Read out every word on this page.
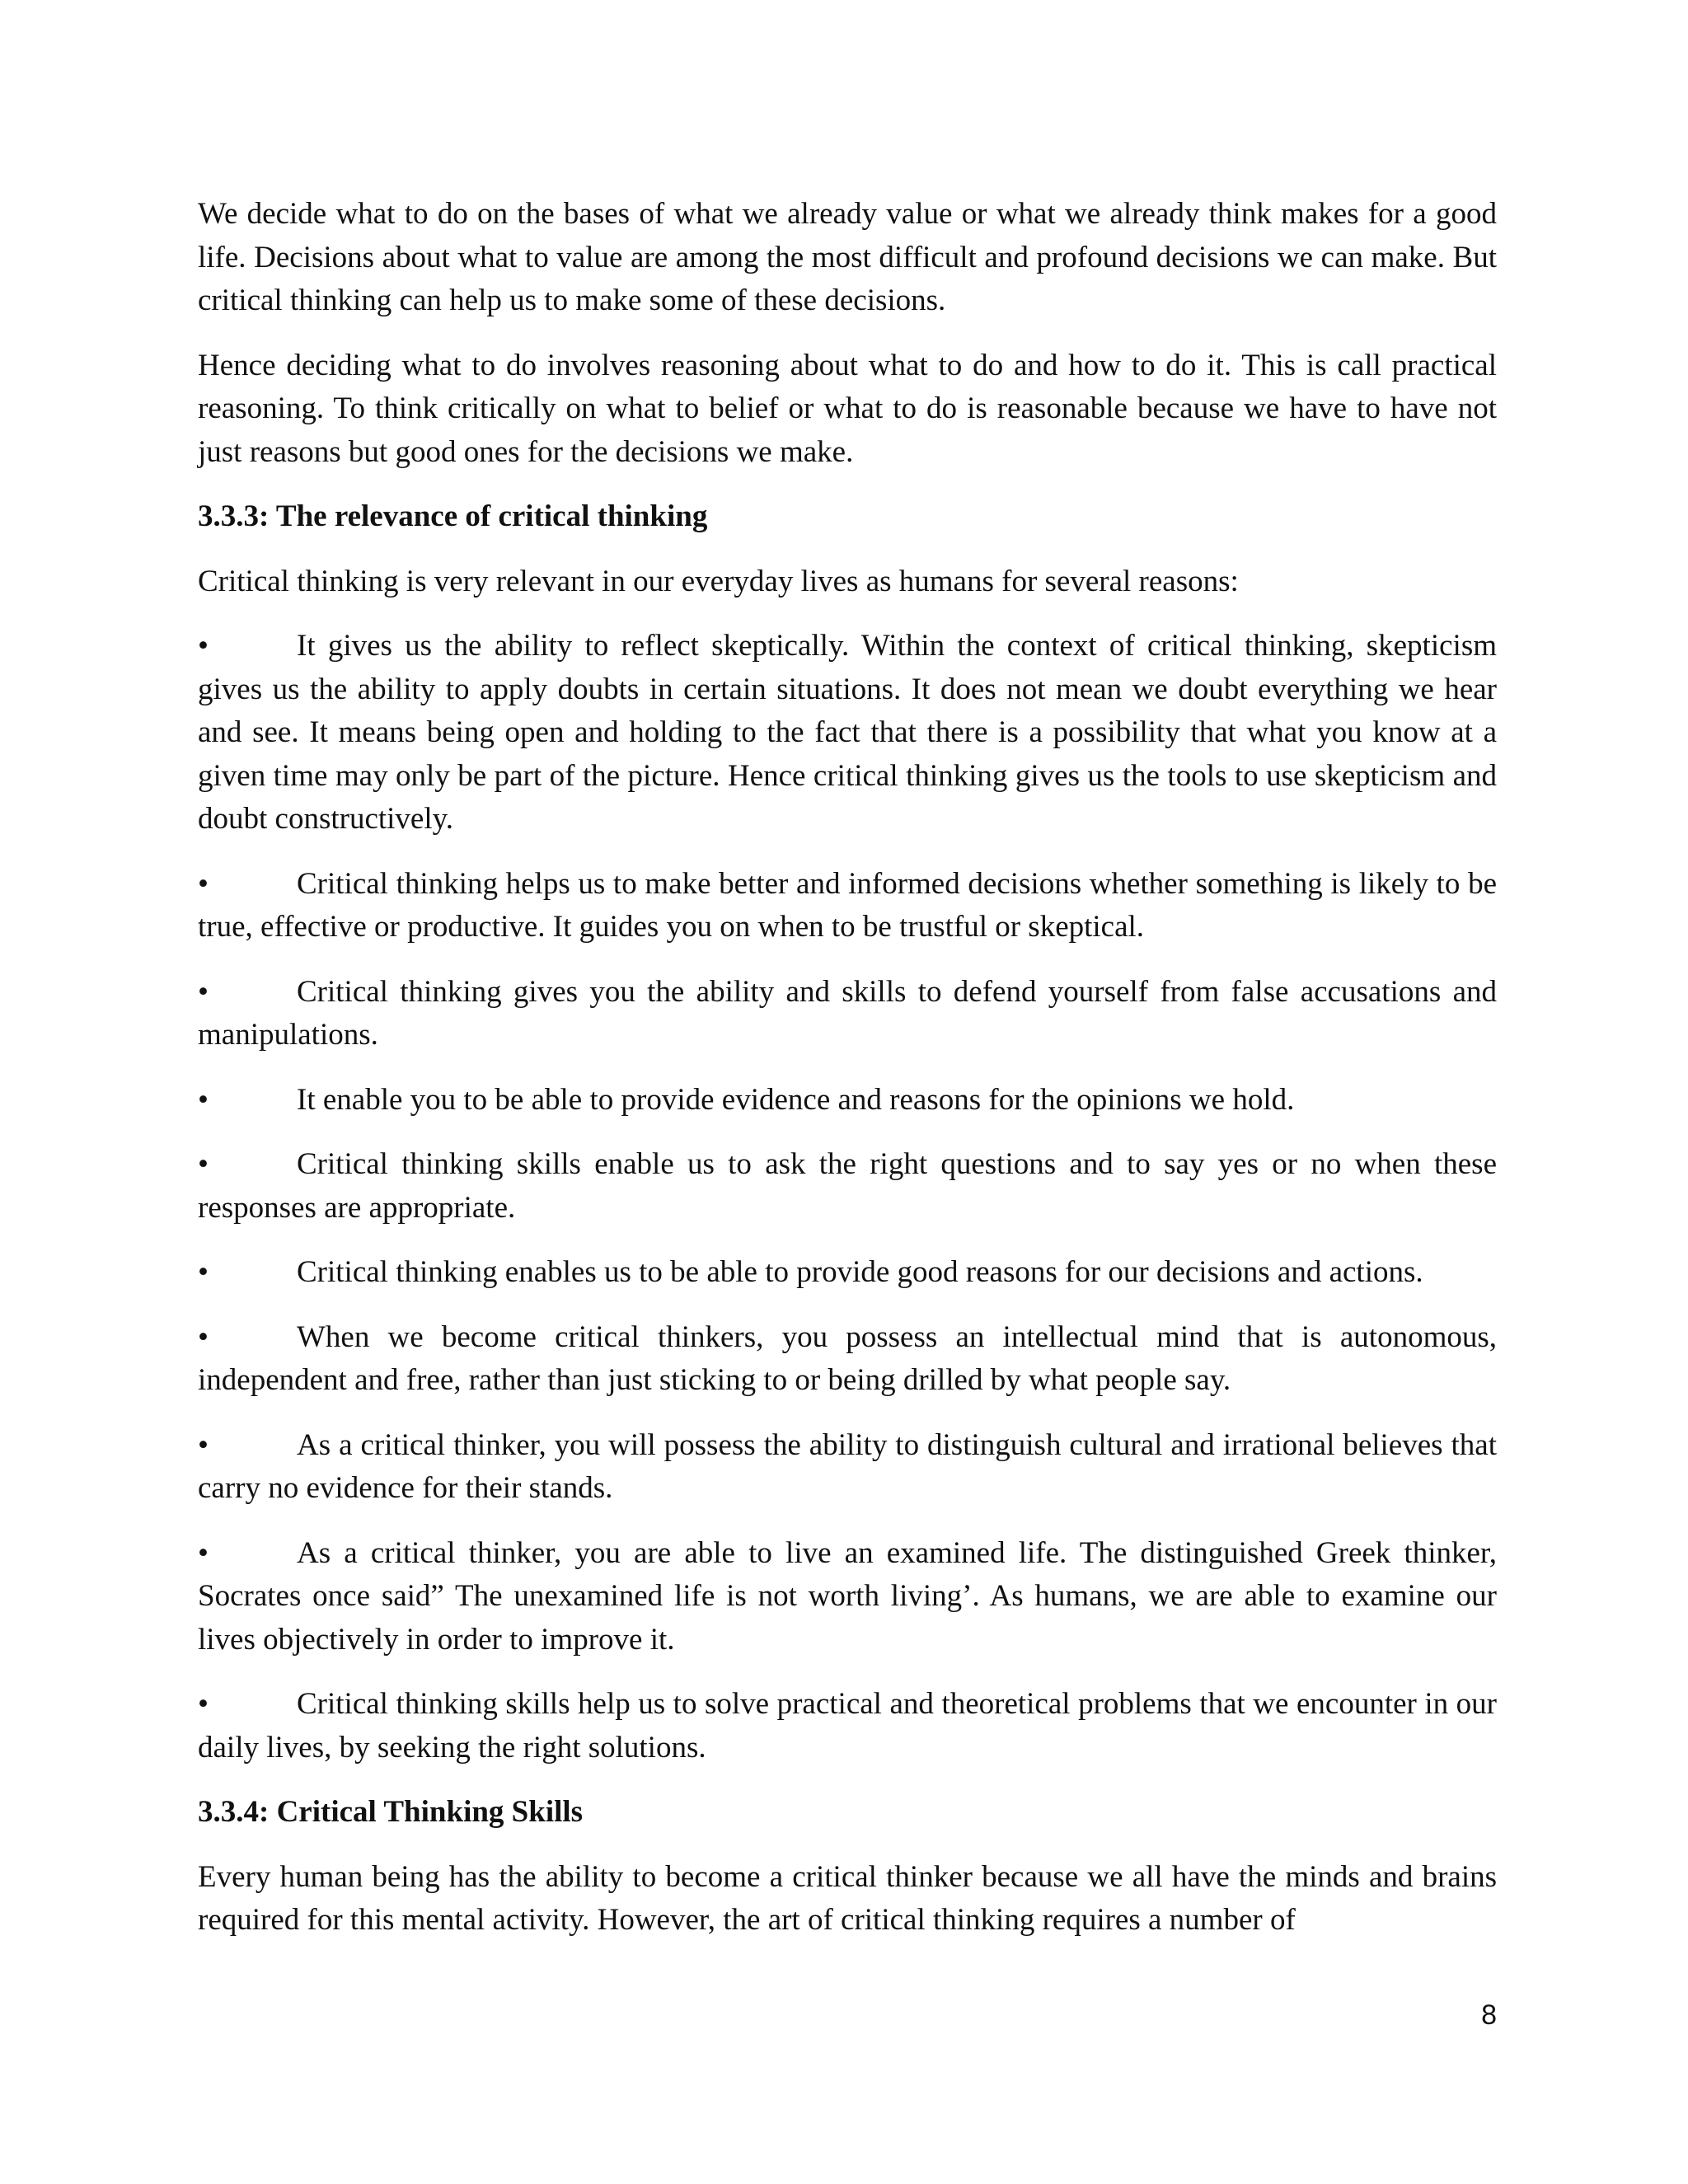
We decide what to do on the bases of what we already value or what we already think makes for a good life. Decisions about what to value are among the most difficult and profound decisions we can make. But critical thinking can help us to make some of these decisions.

Hence deciding what to do involves reasoning about what to do and how to do it. This is call practical reasoning. To think critically on what to belief or what to do is reasonable because we have to have not just reasons but good ones for the decisions we make.

3.3.3: The relevance of critical thinking

Critical thinking is very relevant in our everyday lives as humans for several reasons:

•	It gives us the ability to reflect skeptically. Within the context of critical thinking, skepticism gives us the ability to apply doubts in certain situations. It does not mean we doubt everything we hear and see. It means being open and holding to the fact that there is a possibility that what you know at a given time may only be part of the picture. Hence critical thinking gives us the tools to use skepticism and doubt constructively.

•	Critical thinking helps us to make better and informed decisions whether something is likely to be true, effective or productive. It guides you on when to be trustful or skeptical.

•	Critical thinking gives you the ability and skills to defend yourself from false accusations and manipulations.

•	It enable you to be able to provide evidence and reasons for the opinions we hold.

•	Critical thinking skills enable us to ask the right questions and to say yes or no when these responses are appropriate.

•	Critical thinking enables us to be able to provide good reasons for our decisions and actions.

•	When we become critical thinkers, you possess an intellectual mind that is autonomous, independent and free, rather than just sticking to or being drilled by what people say.

•	As a critical thinker, you will possess the ability to distinguish cultural and irrational believes that carry no evidence for their stands.

•	As a critical thinker, you are able to live an examined life. The distinguished Greek thinker, Socrates once said” The unexamined life is not worth living’. As humans, we are able to examine our lives objectively in order to improve it.

•	Critical thinking skills help us to solve practical and theoretical problems that we encounter in our daily lives, by seeking the right solutions.

3.3.4: Critical Thinking Skills

Every human being has the ability to become a critical thinker because we all have the minds and brains required for this mental activity. However, the art of critical thinking requires a number of

8
